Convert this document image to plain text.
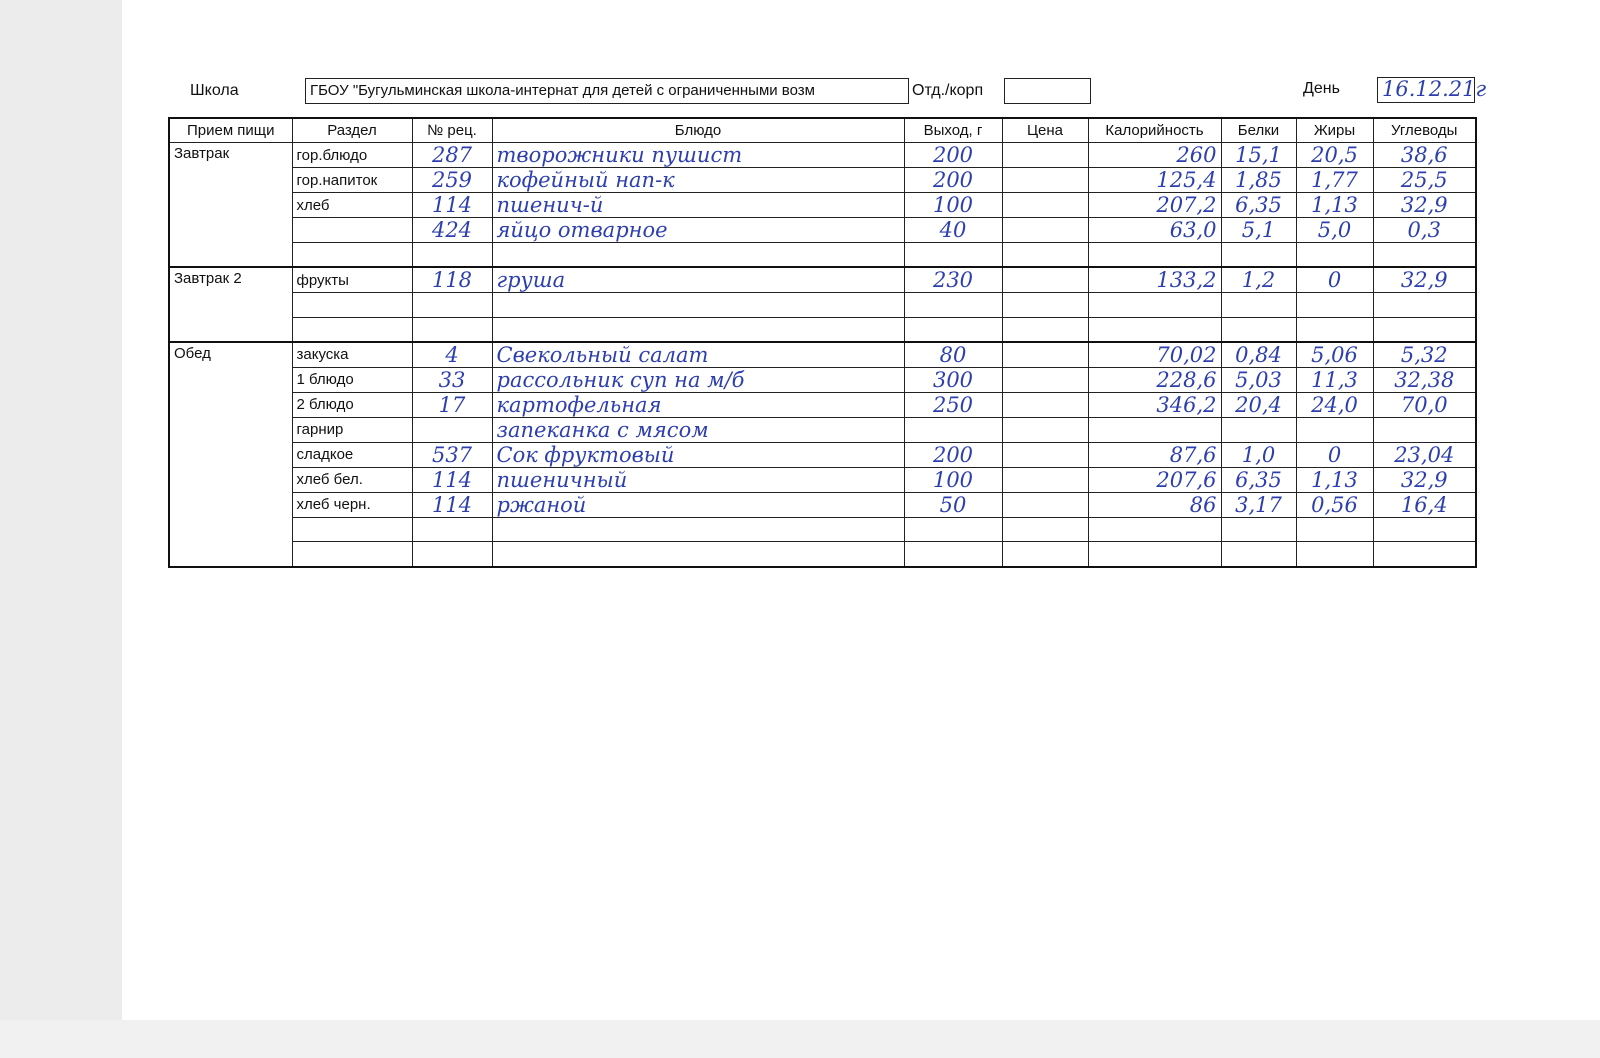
Школа	ГБОУ "Бугульминская школа-интернат для детей с ограниченными возм	Отд./корп	День 16.12.21г
Прием пищи	Раздел	№ рец.	Блюдо	Выход, г	Цена	Калорийность	Белки	Жиры	Углеводы
Завтрак	гор.блюдо	287	творожники пушист	200		260	15,1	20,5	38,6
	гор.напиток	259	кофейный нап-к	200		125,4	1,85	1,77	25,5
	хлеб	114	пшенич-й	100		207,2	6,35	1,13	32,9
		424	яйцо отварное	40		63,0	5,1	5,0	0,3

Завтрак 2	фрукты	118	груша	230		133,2	1,2	0	32,9

Обед	закуска	4	Свекольный салат	80		70,02	0,84	5,06	5,32
	1 блюдо	33	рассольник суп на м/б	300		228,6	5,03	11,3	32,38
	2 блюдо	17	картофельная	250		346,2	20,4	24,0	70,0
	гарнир		запеканка с мясом						
	сладкое	537	Сок фруктовый	200		87,6	1,0	0	23,04
	хлеб бел.	114	пшеничный	100		207,6	6,35	1,13	32,9
	хлеб черн.	114	ржаной	50		86	3,17	0,56	16,4
